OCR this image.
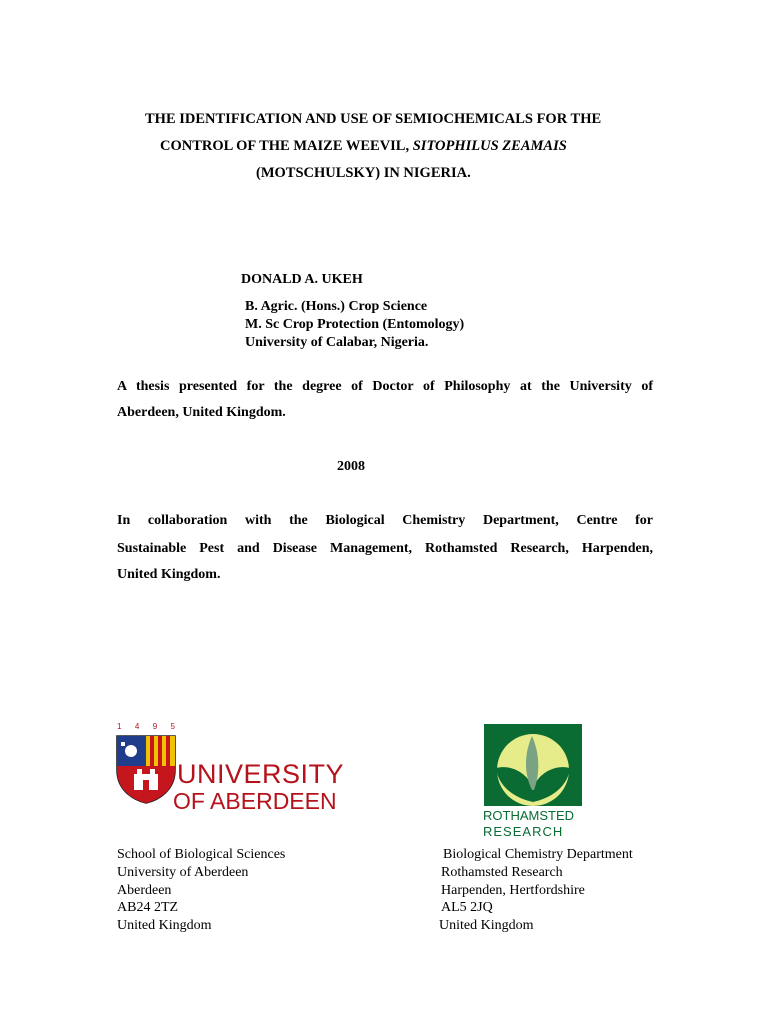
THE IDENTIFICATION AND USE OF SEMIOCHEMICALS FOR THE
CONTROL OF THE MAIZE WEEVIL, SITOPHILUS ZEAMAIS
(MOTSCHULSKY) IN NIGERIA.
DONALD A. UKEH
B. Agric. (Hons.) Crop Science
M. Sc Crop Protection (Entomology)
University of Calabar, Nigeria.
A thesis presented for the degree of Doctor of Philosophy at the University of
Aberdeen, United Kingdom.
2008
In collaboration with the Biological Chemistry Department, Centre for
Sustainable Pest and Disease Management, Rothamsted Research, Harpenden,
United Kingdom.
1 4 9 5
UNIVERSITY
OF ABERDEEN
ROTHAMSTED
RESEARCH
School of Biological Sciences
University of Aberdeen
Aberdeen
AB24 2TZ
United Kingdom
Biological Chemistry Department
Rothamsted Research
Harpenden, Hertfordshire
AL5 2JQ
United Kingdom
